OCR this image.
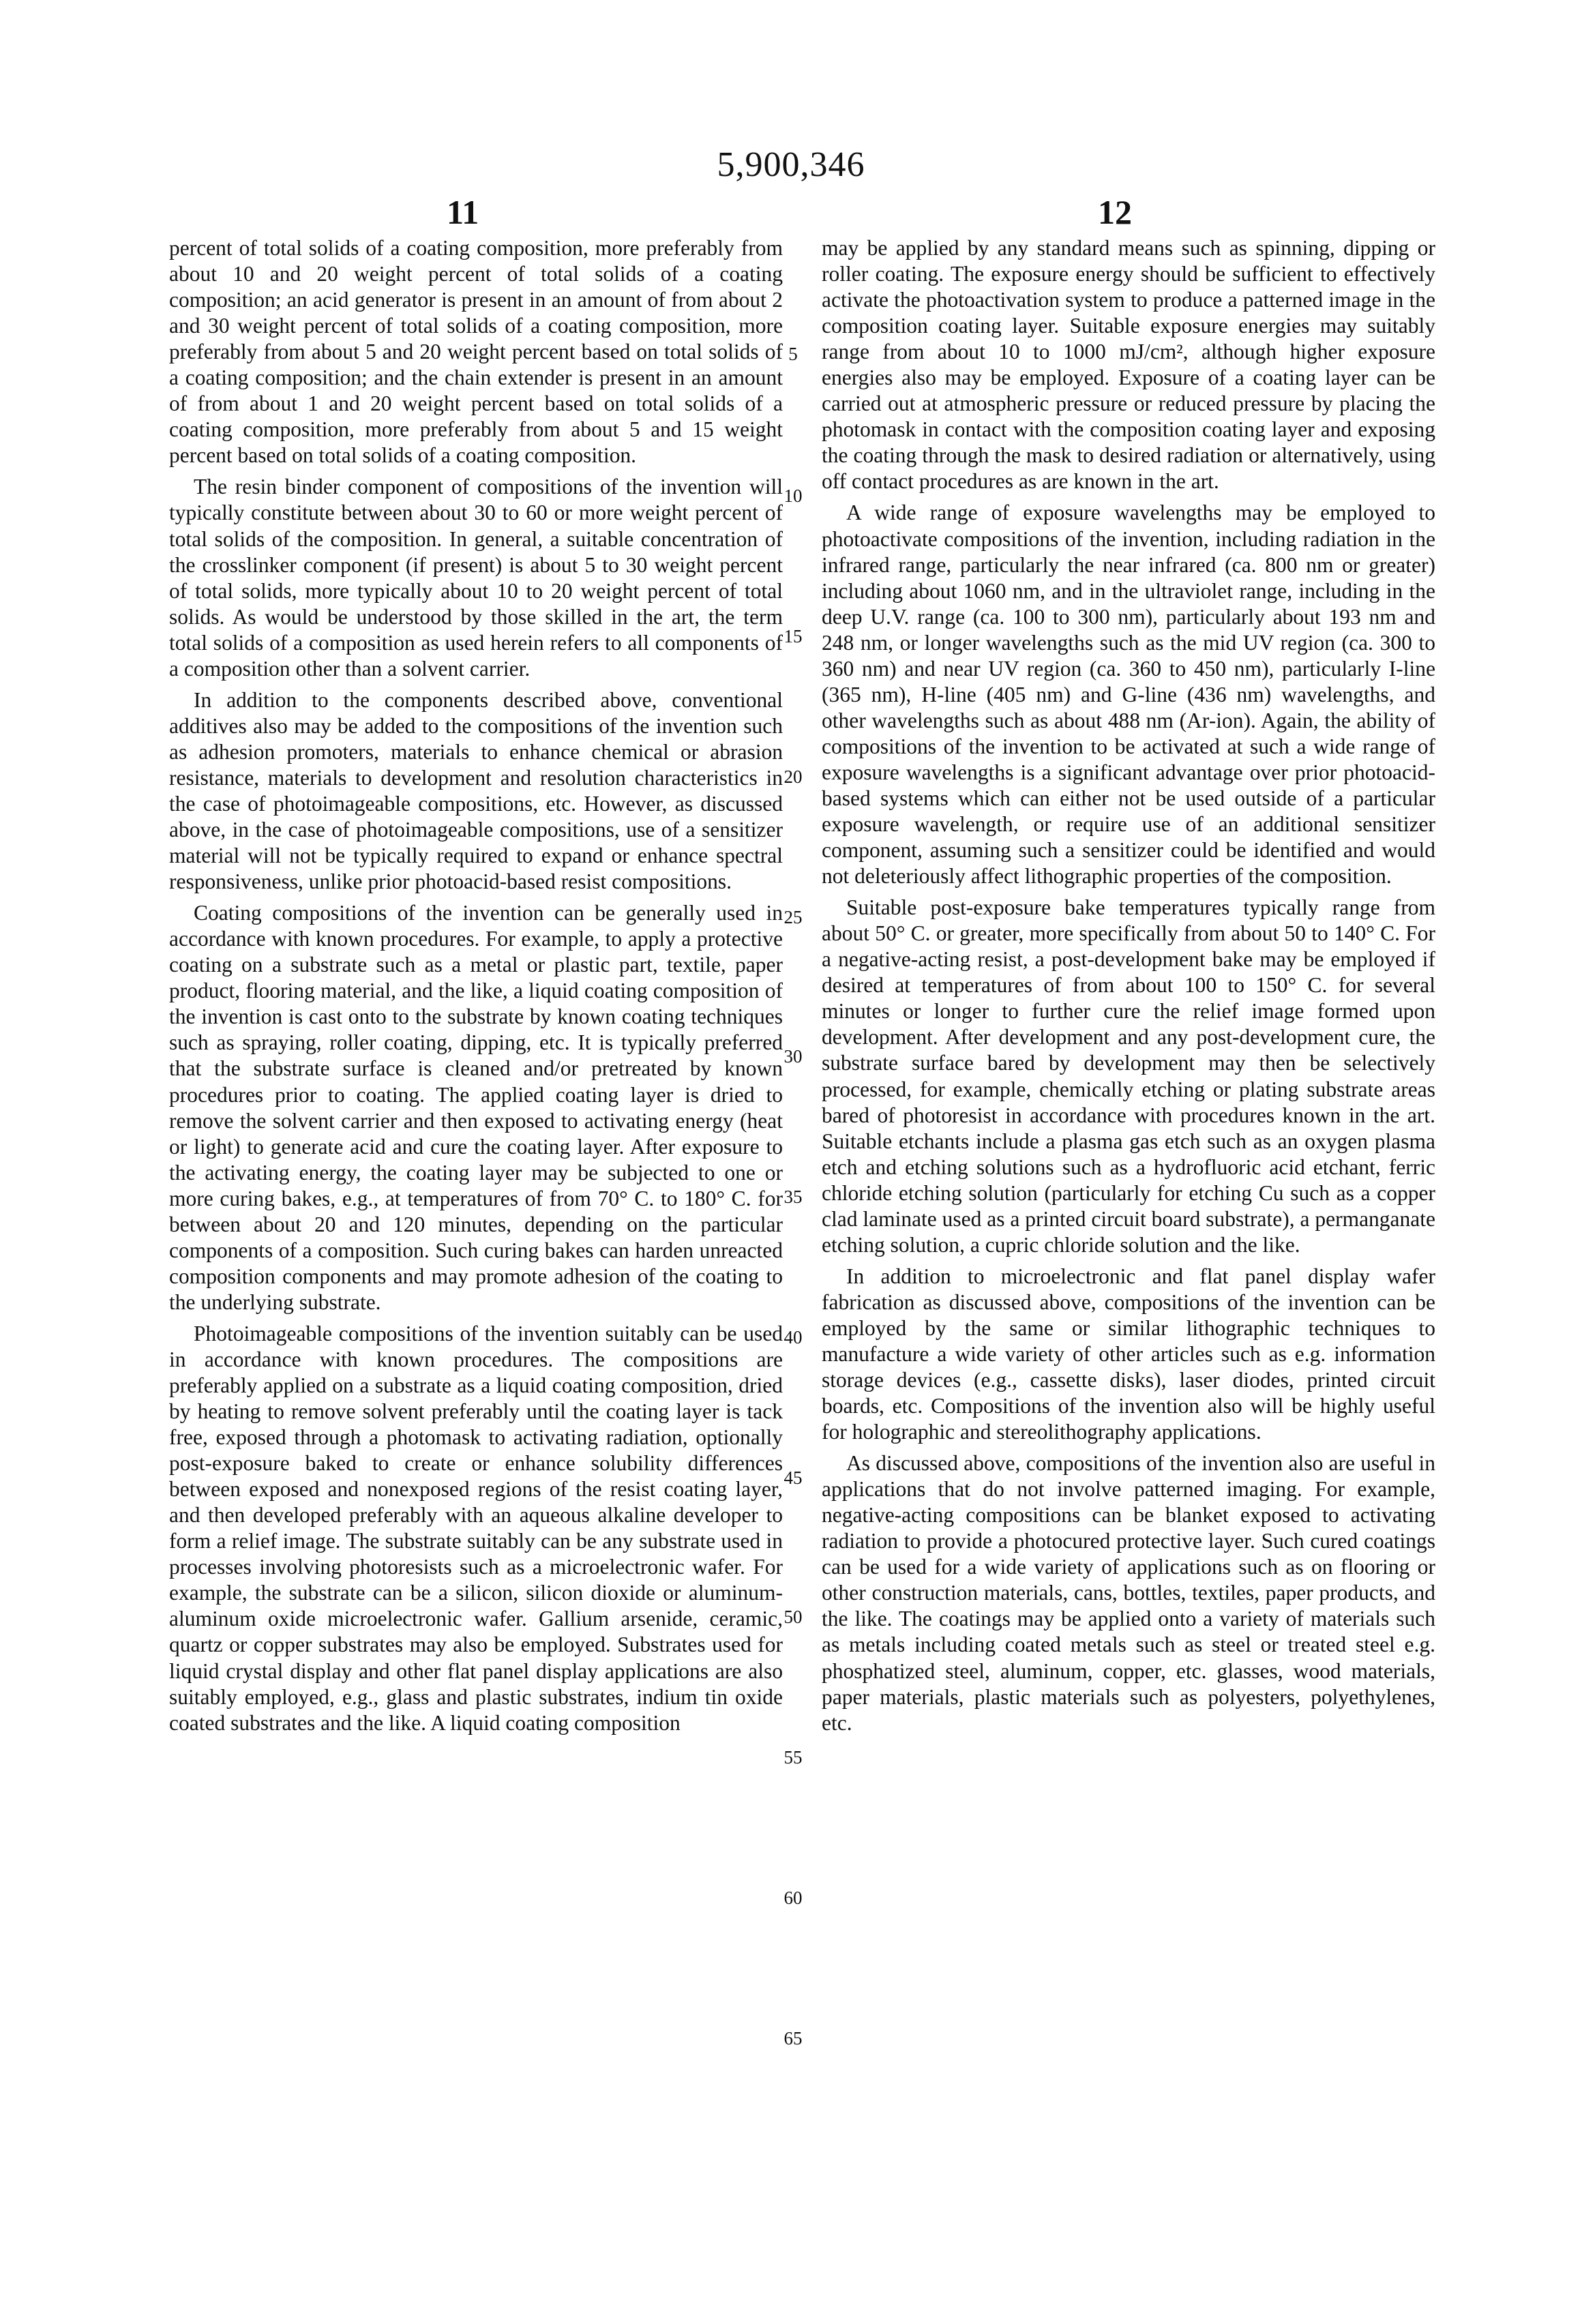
5,900,346
11	12

percent of total solids of a coating composition, more preferably from about 10 and 20 weight percent of total solids of a coating composition; an acid generator is present in an amount of from about 2 and 30 weight percent of total solids of a coating composition, more preferably from about 5 and 20 weight percent based on total solids of a coating composition; and the chain extender is present in an amount of from about 1 and 20 weight percent based on total solids of a coating composition, more preferably from about 5 and 15 weight percent based on total solids of a coating composition.

The resin binder component of compositions of the invention will typically constitute between about 30 to 60 or more weight percent of total solids of the composition. In general, a suitable concentration of the crosslinker component (if present) is about 5 to 30 weight percent of total solids, more typically about 10 to 20 weight percent of total solids. As would be understood by those skilled in the art, the term total solids of a composition as used herein refers to all components of a composition other than a solvent carrier.

In addition to the components described above, conventional additives also may be added to the compositions of the invention such as adhesion promoters, materials to enhance chemical or abrasion resistance, materials to development and resolution characteristics in the case of photoimageable compositions, etc. However, as discussed above, in the case of photoimageable compositions, use of a sensitizer material will not be typically required to expand or enhance spectral responsiveness, unlike prior photoacid-based resist compositions.

Coating compositions of the invention can be generally used in accordance with known procedures. For example, to apply a protective coating on a substrate such as a metal or plastic part, textile, paper product, flooring material, and the like, a liquid coating composition of the invention is cast onto to the substrate by known coating techniques such as spraying, roller coating, dipping, etc. It is typically preferred that the substrate surface is cleaned and/or pretreated by known procedures prior to coating. The applied coating layer is dried to remove the solvent carrier and then exposed to activating energy (heat or light) to generate acid and cure the coating layer. After exposure to the activating energy, the coating layer may be subjected to one or more curing bakes, e.g., at temperatures of from 70° C. to 180° C. for between about 20 and 120 minutes, depending on the particular components of a composition. Such curing bakes can harden unreacted composition components and may promote adhesion of the coating to the underlying substrate.

Photoimageable compositions of the invention suitably can be used in accordance with known procedures. The compositions are preferably applied on a substrate as a liquid coating composition, dried by heating to remove solvent preferably until the coating layer is tack free, exposed through a photomask to activating radiation, optionally post-exposure baked to create or enhance solubility differences between exposed and nonexposed regions of the resist coating layer, and then developed preferably with an aqueous alkaline developer to form a relief image. The substrate suitably can be any substrate used in processes involving photoresists such as a microelectronic wafer. For example, the substrate can be a silicon, silicon dioxide or aluminum-aluminum oxide microelectronic wafer. Gallium arsenide, ceramic, quartz or copper substrates may also be employed. Substrates used for liquid crystal display and other flat panel display applications are also suitably employed, e.g., glass and plastic substrates, indium tin oxide coated substrates and the like. A liquid coating composition

may be applied by any standard means such as spinning, dipping or roller coating. The exposure energy should be sufficient to effectively activate the photoactivation system to produce a patterned image in the composition coating layer. Suitable exposure energies may suitably range from about 10 to 1000 mJ/cm², although higher exposure energies also may be employed. Exposure of a coating layer can be carried out at atmospheric pressure or reduced pressure by placing the photomask in contact with the composition coating layer and exposing the coating through the mask to desired radiation or alternatively, using off contact procedures as are known in the art.

A wide range of exposure wavelengths may be employed to photoactivate compositions of the invention, including radiation in the infrared range, particularly the near infrared (ca. 800 nm or greater) including about 1060 nm, and in the ultraviolet range, including in the deep U.V. range (ca. 100 to 300 nm), particularly about 193 nm and 248 nm, or longer wavelengths such as the mid UV region (ca. 300 to 360 nm) and near UV region (ca. 360 to 450 nm), particularly I-line (365 nm), H-line (405 nm) and G-line (436 nm) wavelengths, and other wavelengths such as about 488 nm (Ar-ion). Again, the ability of compositions of the invention to be activated at such a wide range of exposure wavelengths is a significant advantage over prior photoacid-based systems which can either not be used outside of a particular exposure wavelength, or require use of an additional sensitizer component, assuming such a sensitizer could be identified and would not deleteriously affect lithographic properties of the composition.

Suitable post-exposure bake temperatures typically range from about 50° C. or greater, more specifically from about 50 to 140° C. For a negative-acting resist, a post-development bake may be employed if desired at temperatures of from about 100 to 150° C. for several minutes or longer to further cure the relief image formed upon development. After development and any post-development cure, the substrate surface bared by development may then be selectively processed, for example, chemically etching or plating substrate areas bared of photoresist in accordance with procedures known in the art. Suitable etchants include a plasma gas etch such as an oxygen plasma etch and etching solutions such as a hydrofluoric acid etchant, ferric chloride etching solution (particularly for etching Cu such as a copper clad laminate used as a printed circuit board substrate), a permanganate etching solution, a cupric chloride solution and the like.

In addition to microelectronic and flat panel display wafer fabrication as discussed above, compositions of the invention can be employed by the same or similar lithographic techniques to manufacture a wide variety of other articles such as e.g. information storage devices (e.g., cassette disks), laser diodes, printed circuit boards, etc. Compositions of the invention also will be highly useful for holographic and stereolithography applications.

As discussed above, compositions of the invention also are useful in applications that do not involve patterned imaging. For example, negative-acting compositions can be blanket exposed to activating radiation to provide a photocured protective layer. Such cured coatings can be used for a wide variety of applications such as on flooring or other construction materials, cans, bottles, textiles, paper products, and the like. The coatings may be applied onto a variety of materials such as metals including coated metals such as steel or treated steel e.g. phosphatized steel, aluminum, copper, etc. glasses, wood materials, paper materials, plastic materials such as polyesters, polyethylenes, etc.

5
10
15
20
25
30
35
40
45
50
55
60
65
